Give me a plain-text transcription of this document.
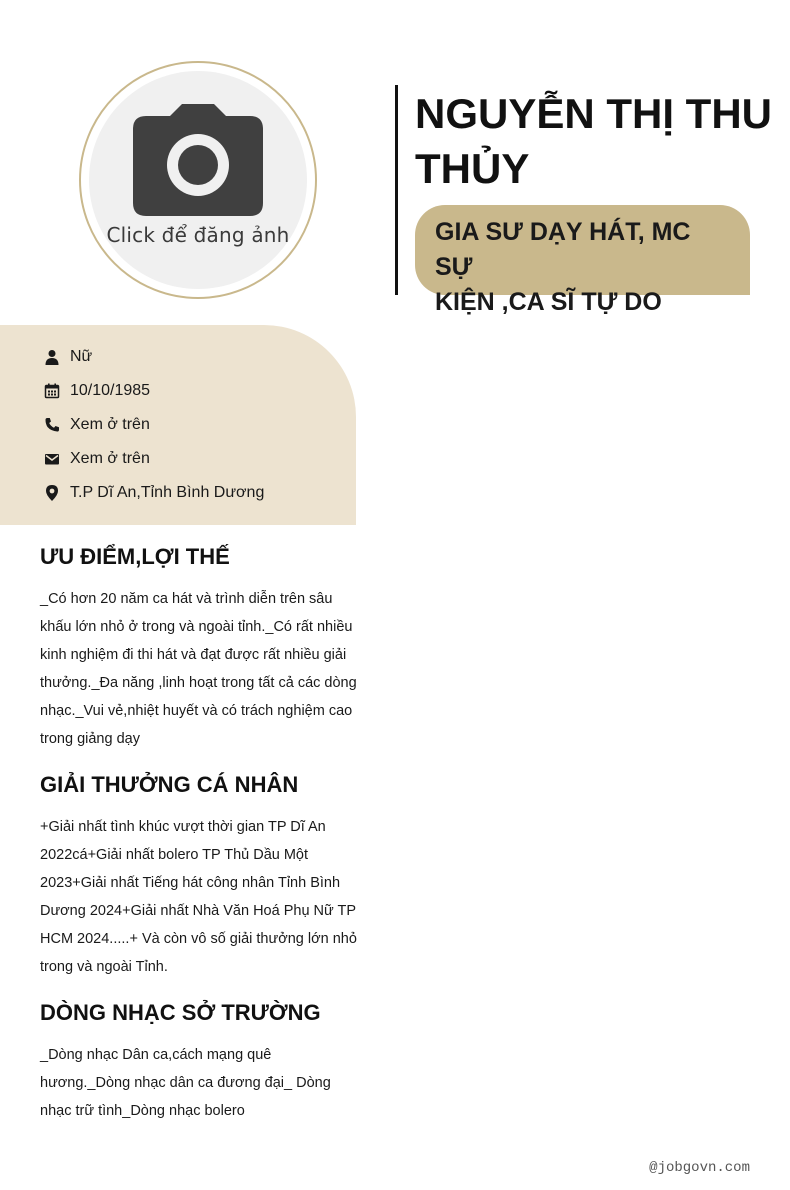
Click để đăng ảnh
NGUYỄN THỊ THU THỦY
GIA SƯ DẠY HÁT, MC SỰ
KIỆN ,CA SĨ TỰ DO
Nữ
10/10/1985
Xem ở trên
Xem ở trên
T.P Dĩ An,Tỉnh Bình Dương
ƯU ĐIỂM,LỢI THẾ

_Có hơn 20 năm ca hát và trình diễn trên sâu khấu lớn nhỏ ở trong và ngoài tỉnh._Có rất nhiều kinh nghiệm đi thi hát và đạt được rất nhiều giải thưởng._Đa năng ,linh hoạt trong tất cả các dòng nhạc._Vui vẻ,nhiệt huyết và có trách nghiệm cao trong giảng dạy

GIẢI THƯỞNG CÁ NHÂN

+Giải nhất tình khúc vượt thời gian TP Dĩ An 2022cá+Giải nhất bolero TP Thủ Dầu Một 2023+Giải nhất Tiếng hát công nhân Tỉnh Bình Dương 2024+Giải nhất Nhà Văn Hoá Phụ Nữ TP HCM 2024.....+ Và còn vô số giải thưởng lớn nhỏ trong và ngoài Tỉnh.

DÒNG NHẠC SỞ TRƯỜNG

_Dòng nhạc Dân ca,cách mạng quê hương._Dòng nhạc dân ca đương đại_ Dòng nhạc trữ tình_Dòng nhạc bolero

@jobgovn.com
